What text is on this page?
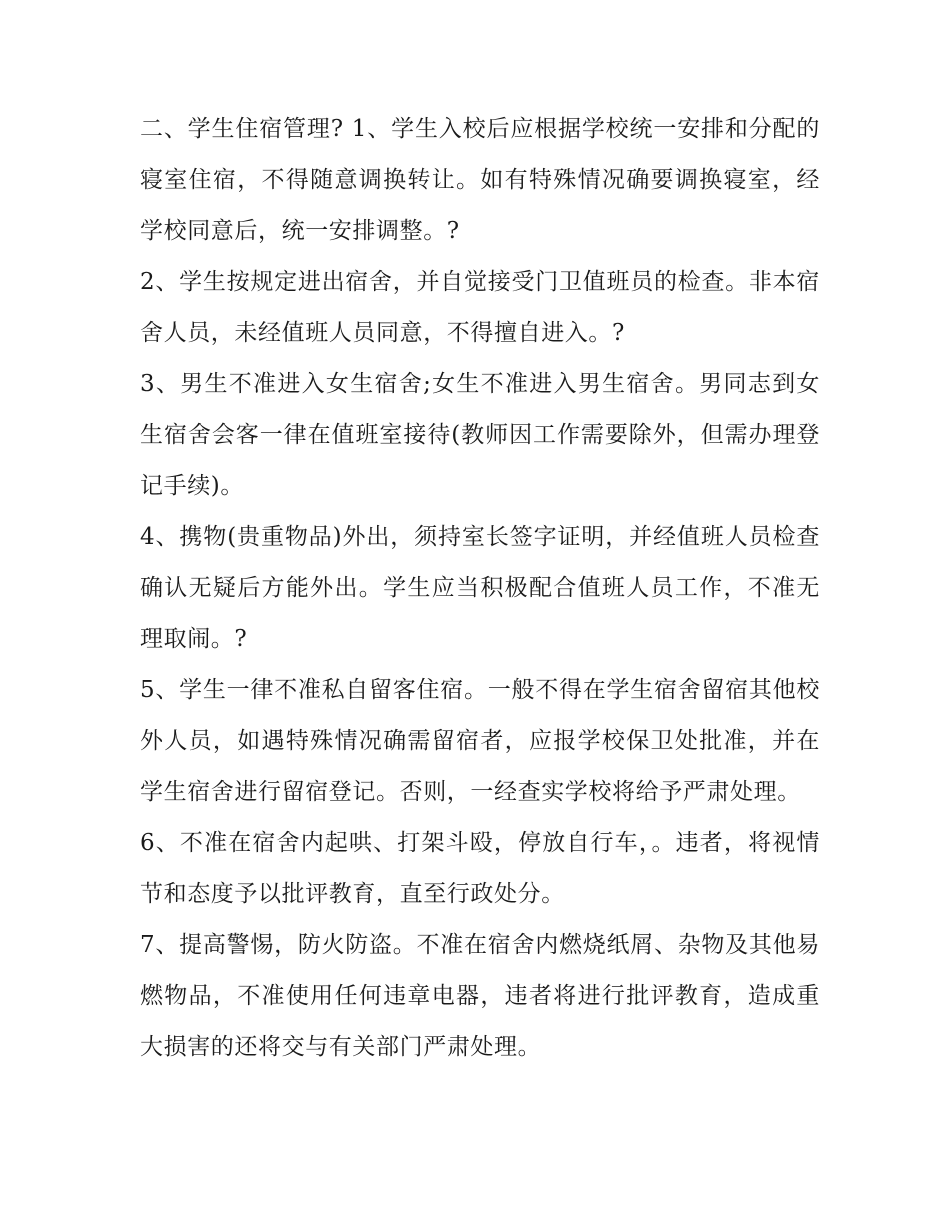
二、学生住宿管理? 1、学生入校后应根据学校统一安排和分配的寝室住宿，不得随意调换转让。如有特殊情况确要调换寝室，经学校同意后，统一安排调整。?

2、学生按规定进出宿舍，并自觉接受门卫值班员的检查。非本宿舍人员，未经值班人员同意，不得擅自进入。?

3、男生不准进入女生宿舍;女生不准进入男生宿舍。男同志到女生宿舍会客一律在值班室接待(教师因工作需要除外，但需办理登记手续)。

4、携物(贵重物品)外出，须持室长签字证明，并经值班人员检查确认无疑后方能外出。学生应当积极配合值班人员工作，不准无理取闹。?

5、学生一律不准私自留客住宿。一般不得在学生宿舍留宿其他校外人员，如遇特殊情况确需留宿者，应报学校保卫处批准，并在学生宿舍进行留宿登记。否则，一经查实学校将给予严肃处理。

6、不准在宿舍内起哄、打架斗殴，停放自行车，。违者，将视情节和态度予以批评教育，直至行政处分。

7、提高警惕，防火防盗。不准在宿舍内燃烧纸屑、杂物及其他易燃物品，不准使用任何违章电器，违者将进行批评教育，造成重大损害的还将交与有关部门严肃处理。
